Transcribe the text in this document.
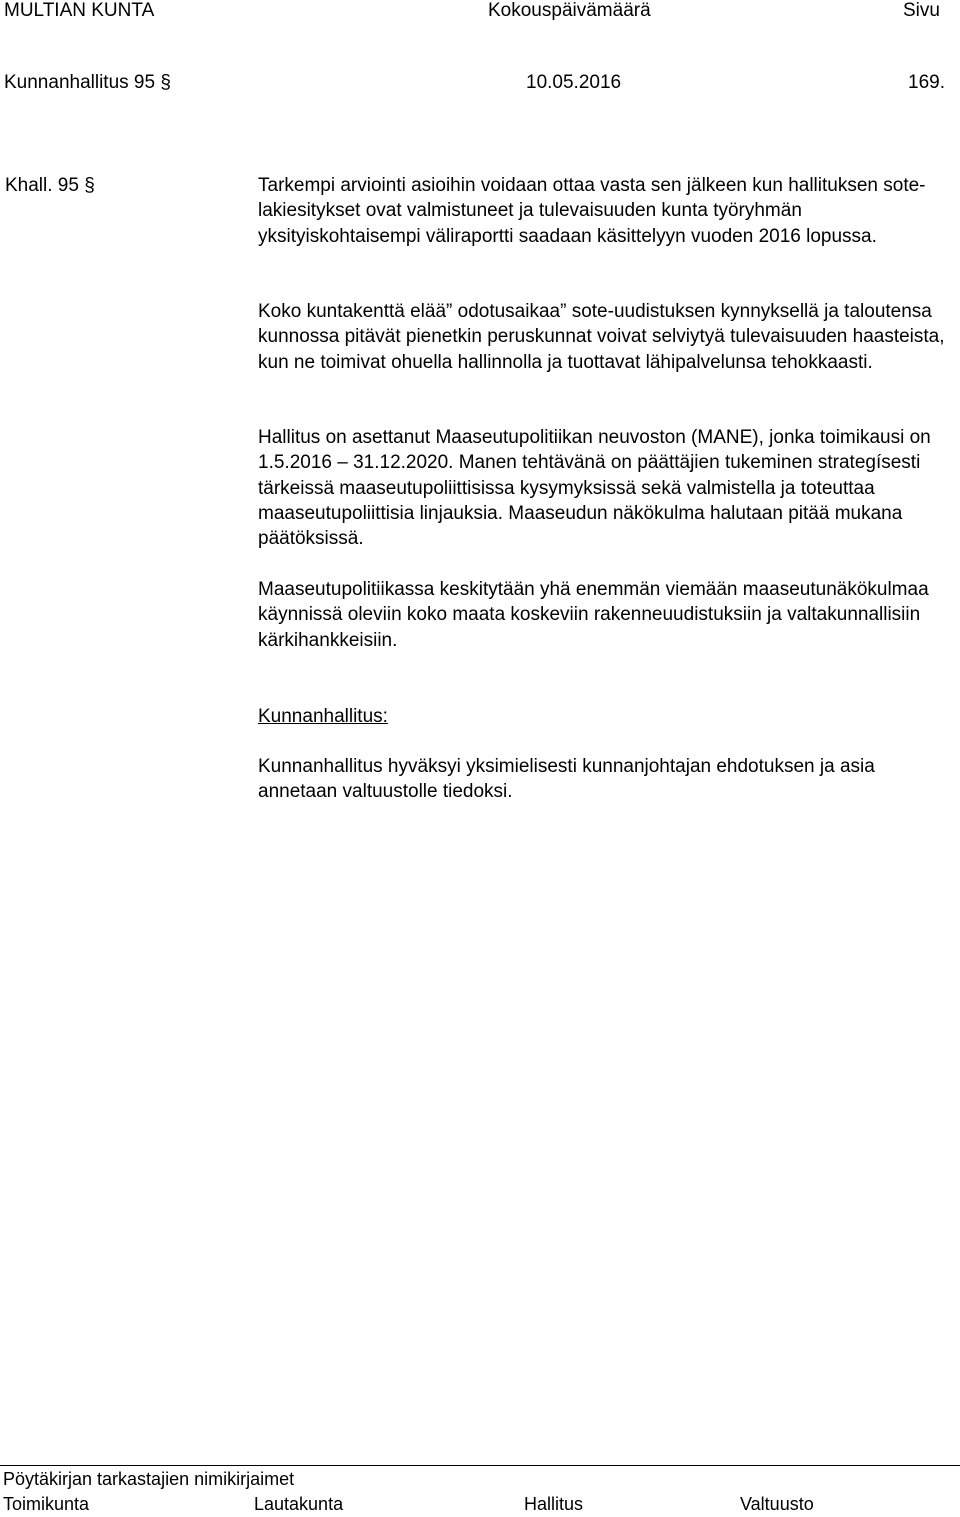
MULTIAN KUNTA	Kokouspäivämäärä	Sivu
Kunnanhallitus 95 §	10.05.2016	169.
Khall. 95 §	Tarkempi arviointi asioihin voidaan ottaa vasta sen jälkeen kun hallituksen sote-lakiesitykset ovat valmistuneet ja tulevaisuuden kunta työryhmän yksityiskohtaisempi väliraportti saadaan käsittelyyn vuoden 2016 lopussa.

Koko kuntakenttä elää” odotusaikaa” sote-uudistuksen kynnyksellä ja taloutensa kunnossa pitävät pienetkin peruskunnat voivat selviytyä tulevaisuuden haasteista, kun ne toimivat ohuella hallinnolla ja tuottavat lähipalvelunsa tehokkaasti.

Hallitus on asettanut Maaseutupolitiikan neuvoston (MANE), jonka toimikausi on 1.5.2016 – 31.12.2020. Manen tehtävänä on päättäjien tukeminen strategísesti tärkeissä maaseutupoliittisissa kysymyksissä sekä valmistella ja toteuttaa maaseutupoliittisia linjauksia. Maaseudun näkökulma halutaan pitää mukana päätöksissä.

Maaseutupolitiikassa keskitytään yhä enemmän viemään maaseutunäkökulmaa käynnissä oleviin koko maata koskeviin rakenneuudistuksiin ja valtakunnallisiin kärkihankkeisiin.

Kunnanhallitus:

Kunnanhallitus hyväksyi yksimielisesti kunnanjohtajan ehdotuksen ja asia annetaan valtuustolle tiedoksi.

Pöytäkirjan tarkastajien nimikirjaimet
Toimikunta	Lautakunta	Hallitus	Valtuusto
